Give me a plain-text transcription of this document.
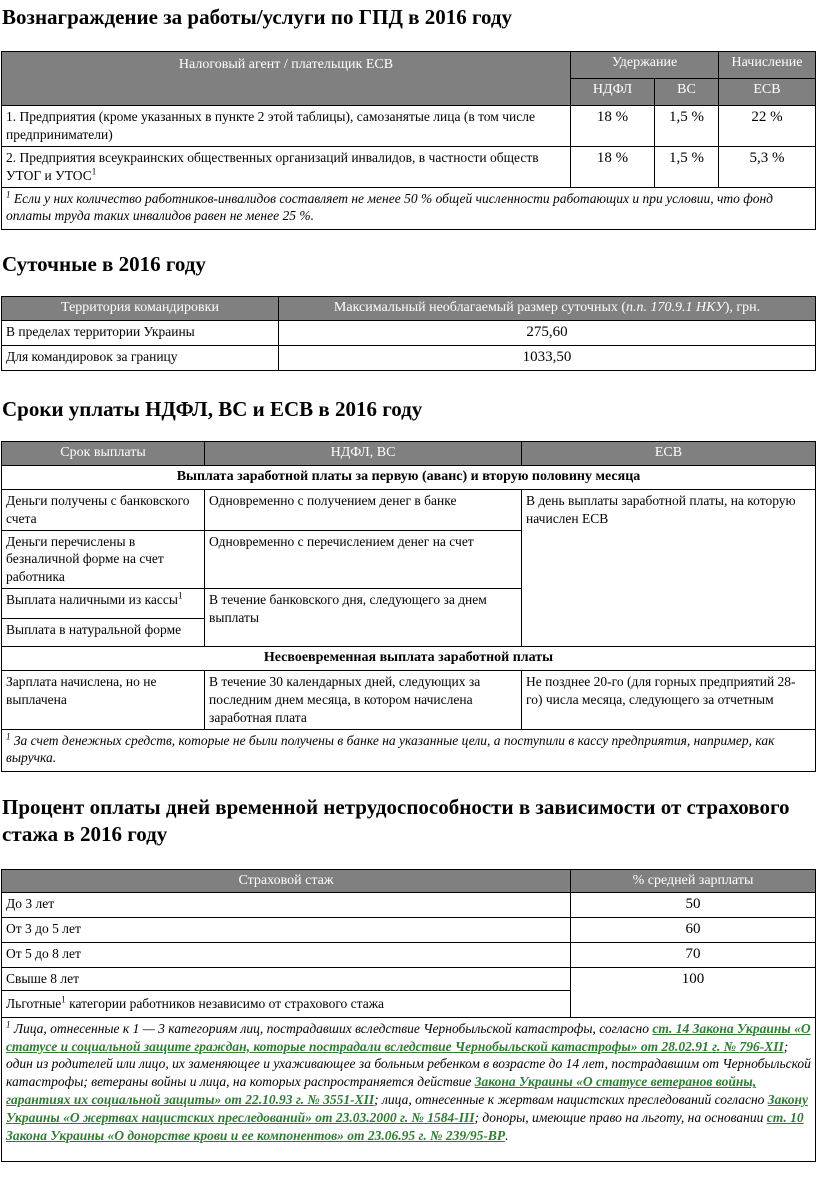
Вознаграждение за работы/услуги по ГПД в 2016 году
Налоговый агент / плательщик ЕСВ	Удержание		Начисление
	НДФЛ	ВС	ЕСВ
1. Предприятия (кроме указанных в пункте 2 этой таблицы), самозанятые лица (в том числе предприниматели)	18 %	1,5 %	22 %
2. Предприятия всеукраинских общественных организаций инвалидов, в частности обществ УТОГ и УТОС$^1$	18 %	1,5 %	5,3 %
$^1$ Если у них количество работников-инвалидов составляет не менее 50 % общей численности работающих и при условии, что фонд оплаты труда таких инвалидов равен не менее 25 %.			
Суточные в 2016 году
Территория командировки	Максимальный необлагаемый размер суточных (п.п. 170.9.1 НКУ), грн.
В пределах территории Украины	275,60
Для командировок за границу	1033,50
Сроки уплаты НДФЛ, ВС и ЕСВ в 2016 году
Срок выплаты	НДФЛ, ВС	ЕСВ
Выплата заработной платы за первую (аванс) и вторую половину месяца		
Деньги получены с банковского счета	Одновременно с получением денег в банке	В день выплаты заработной платы, на которую начислен ЕСВ
Деньги перечислены в безналичной форме на счет работника	Одновременно с перечислением денег на счет	
Выплата наличными из кассы$^1$	В течение банковского дня, следующего за днем выплаты	
Выплата в натуральной форме		
Несвоевременная выплата заработной платы		
Зарплата начислена, но не выплачена	В течение 30 календарных дней, следующих за последним днем месяца, в котором начислена заработная плата	Не позднее 20-го (для горных предприятий 28-го) числа месяца, следующего за отчетным
$^1$ За счет денежных средств, которые не были получены в банке на указанные цели, а поступили в кассу предприятия, например, как выручка.		
Процент оплаты дней временной нетрудоспособности в зависимости от страхового стажа в 2016 году
Страховой стаж	% средней зарплаты
До 3 лет	50
От 3 до 5 лет	60
От 5 до 8 лет	70
Свыше 8 лет	100
Льготные$^1$ категории работников независимо от страхового стажа	
$^1$ Лица, отнесенные к 1 — 3 категориям лиц, пострадавших вследствие Чернобыльской катастрофы, согласно ст. 14 Закона Украины «О статусе и социальной защите граждан, которые пострадали вследствие Чернобыльской катастрофы» от 28.02.91 г. № 796-XII; один из родителей или лицо, их заменяющее и ухаживающее за больным ребенком в возрасте до 14 лет, пострадавшим от Чернобыльской катастрофы; ветераны войны и лица, на которых распространяется действие Закона Украины «О статусе ветеранов войны, гарантиях их социальной защиты» от 22.10.93 г. № 3551-XII; лица, отнесенные к жертвам нацистских преследований согласно Закону Украины «О жертвах нацистских преследований» от 23.03.2000 г. № 1584-III; доноры, имеющие право на льготу, на основании ст. 10 Закона Украины «О донорстве крови и ее компонентов» от 23.06.95 г. № 239/95-ВР.	
